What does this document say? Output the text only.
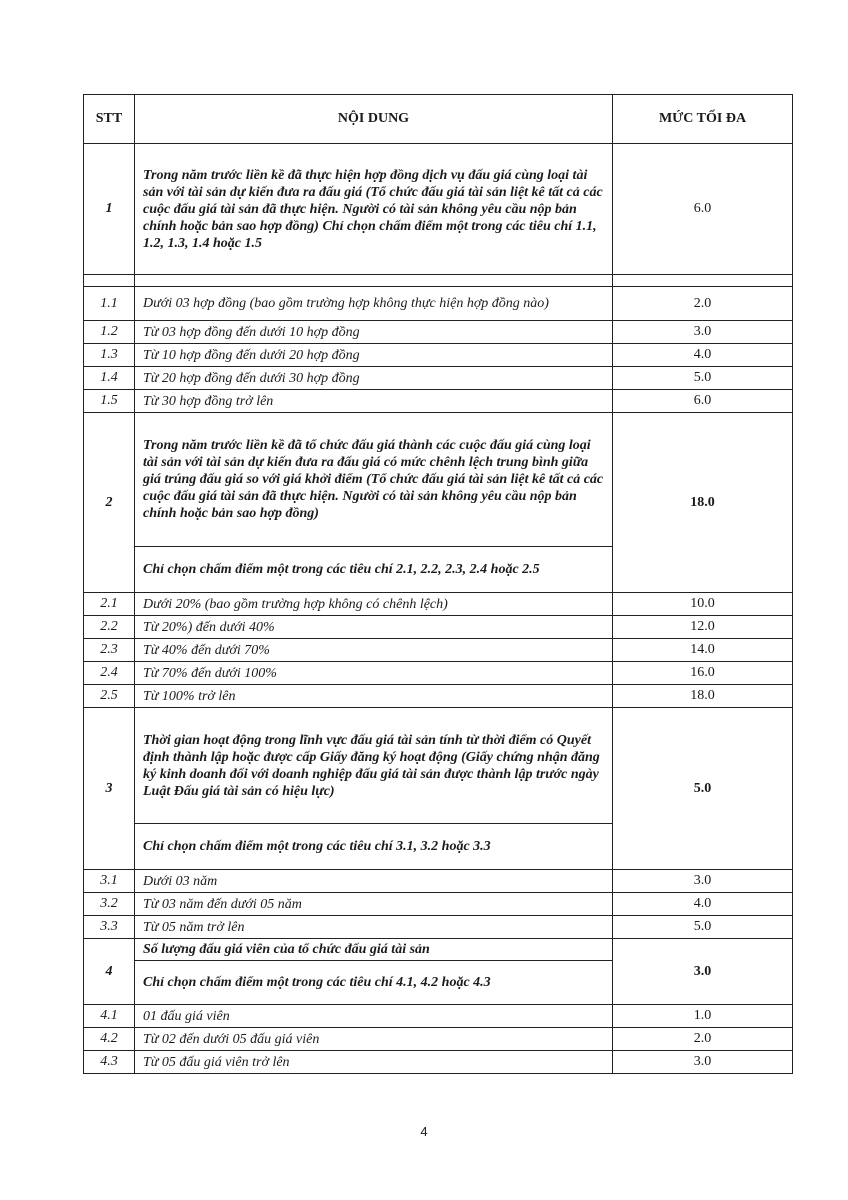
STT	NỘI DUNG	MỨC TỐI ĐA
1	Trong năm trước liền kề đã thực hiện hợp đồng dịch vụ đấu giá cùng loại tài sản với tài sản dự kiến đưa ra đấu giá (Tổ chức đấu giá tài sản liệt kê tất cả các cuộc đấu giá tài sản đã thực hiện. Người có tài sản không yêu cầu nộp bản chính hoặc bản sao hợp đồng) Chỉ chọn chấm điểm một trong các tiêu chí 1.1, 1.2, 1.3, 1.4 hoặc 1.5	6.0

1.1	Dưới 03 hợp đồng (bao gồm trường hợp không thực hiện hợp đồng nào)	2.0
1.2	Từ 03 hợp đồng đến dưới 10 hợp đồng	3.0
1.3	Từ 10 hợp đồng đến dưới 20 hợp đồng	4.0
1.4	Từ 20 hợp đồng đến dưới 30 hợp đồng	5.0
1.5	Từ 30 hợp đồng trở lên	6.0
2	Trong năm trước liền kề đã tổ chức đấu giá thành các cuộc đấu giá cùng loại tài sản với tài sản dự kiến đưa ra đấu giá có mức chênh lệch trung bình giữa giá trúng đấu giá so với giá khởi điểm (Tổ chức đấu giá tài sản liệt kê tất cả các cuộc đấu giá tài sản đã thực hiện. Người có tài sản không yêu cầu nộp bản chính hoặc bản sao hợp đồng)	18.0
	Chỉ chọn chấm điểm một trong các tiêu chí 2.1, 2.2, 2.3, 2.4 hoặc 2.5	
2.1	Dưới 20% (bao gồm trường hợp không có chênh lệch)	10.0
2.2	Từ 20%) đến dưới 40%	12.0
2.3	Từ 40% đến dưới 70%	14.0
2.4	Từ 70% đến dưới 100%	16.0
2.5	Từ 100% trở lên	18.0
3	Thời gian hoạt động trong lĩnh vực đấu giá tài sản tính từ thời điểm có Quyết định thành lập hoặc được cấp Giấy đăng ký hoạt động (Giấy chứng nhận đăng ký kinh doanh đối với doanh nghiệp đấu giá tài sản được thành lập trước ngày Luật Đấu giá tài sản có hiệu lực)	5.0
	Chỉ chọn chấm điểm một trong các tiêu chí 3.1, 3.2 hoặc 3.3	
3.1	Dưới 03 năm	3.0
3.2	Từ 03 năm đến dưới 05 năm	4.0
3.3	Từ 05 năm trở lên	5.0
4	Số lượng đấu giá viên của tổ chức đấu giá tài sản	3.0
	Chỉ chọn chấm điểm một trong các tiêu chí 4.1, 4.2 hoặc 4.3	
4.1	01 đấu giá viên	1.0
4.2	Từ 02 đến dưới 05 đấu giá viên	2.0
4.3	Từ 05 đấu giá viên trở lên	3.0
4
